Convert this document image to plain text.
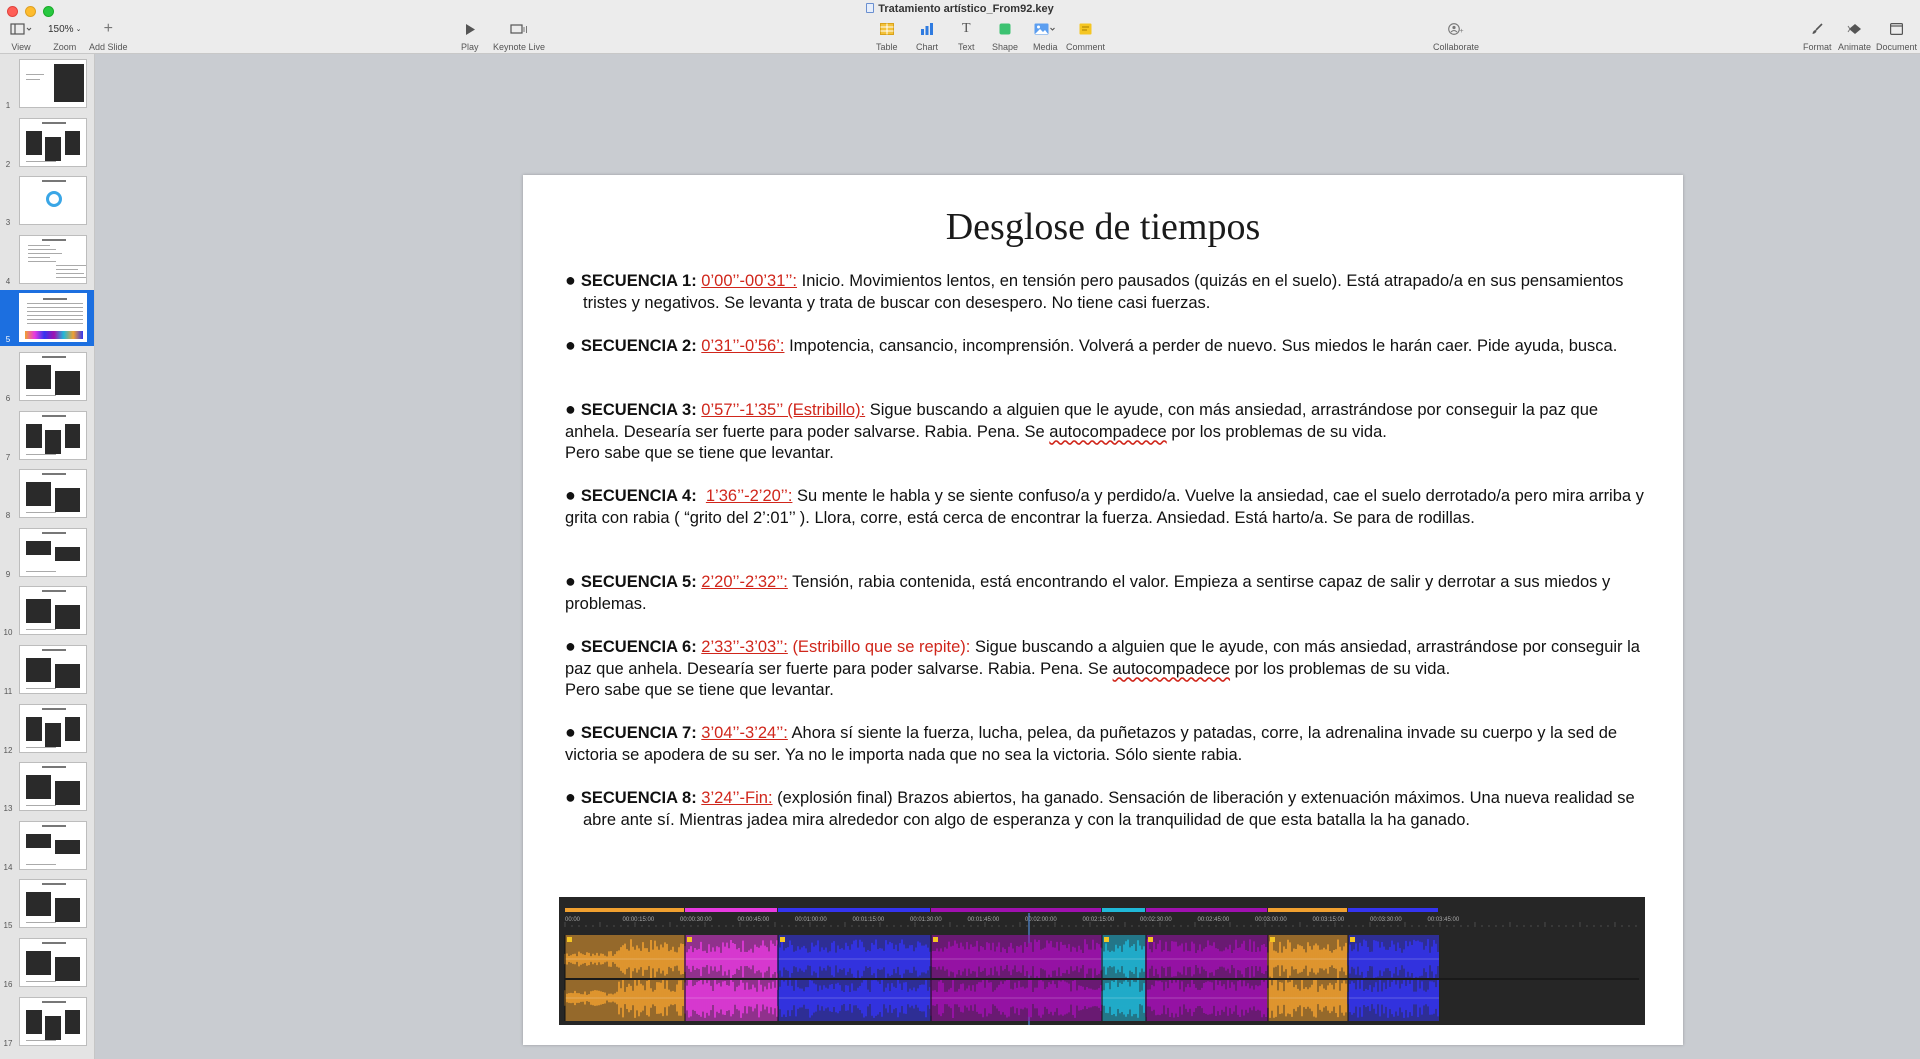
Tratamiento artístico_From92.key
View
150% ⌄
Zoom
+
Add Slide	Play Keynote Live	Table Chart
T
Text Shape Media Comment
+
Collaborate	Format Animate Document
1
2
3
4
5
6
7
8
9
10
11
12
13
14
15
16
17
Desglose de tiempos
● SECUENCIA 1: 0’00’’-00’31’’: Inicio. Movimientos lentos, en tensión pero pausados (quizás en el suelo). Está atrapado/a en sus pensamientos tristes y negativos. Se levanta y trata de buscar con desespero. No tiene casi fuerzas.
● SECUENCIA 2: 0’31’’-0’56’: Impotencia, cansancio, incomprensión. Volverá a perder de nuevo. Sus miedos le harán caer. Pide ayuda, busca.
● SECUENCIA 3: 0’57’’-1’35’’ (Estribillo): Sigue buscando a alguien que le ayude, con más ansiedad, arrastrándose por conseguir la paz que anhela. Desearía ser fuerte para poder salvarse. Rabia. Pena. Se autocompadece por los problemas de su vida.
Pero sabe que se tiene que levantar.
● SECUENCIA 4: 1’36’’-2’20’’: Su mente le habla y se siente confuso/a y perdido/a. Vuelve la ansiedad, cae el suelo derrotado/a pero mira arriba y grita con rabia ( “grito del 2’:01’’ ). Llora, corre, está cerca de encontrar la fuerza. Ansiedad. Está harto/a. Se para de rodillas.
● SECUENCIA 5: 2’20’’-2’32’’: Tensión, rabia contenida, está encontrando el valor. Empieza a sentirse capaz de salir y derrotar a sus miedos y problemas.
● SECUENCIA 6: 2’33’’-3’03’’: (Estribillo que se repite): Sigue buscando a alguien que le ayude, con más ansiedad, arrastrándose por conseguir la paz que anhela. Desearía ser fuerte para poder salvarse. Rabia. Pena. Se autocompadece por los problemas de su vida.
Pero sabe que se tiene que levantar.
● SECUENCIA 7: 3’04’’-3’24’’: Ahora sí siente la fuerza, lucha, pelea, da puñetazos y patadas, corre, la adrenalina invade su cuerpo y la sed de victoria se apodera de su ser. Ya no le importa nada que no sea la victoria. Sólo siente rabia.
● SECUENCIA 8: 3’24’’-Fin: (explosión final) Brazos abiertos, ha ganado. Sensación de liberación y extenuación máximos. Una nueva realidad se abre ante sí. Mientras jadea mira alrededor con algo de esperanza y con la tranquilidad de que esta batalla la ha ganado.
00:00	00:00:15:00	00:00:30:00	00:00:45:00	00:01:00:00	00:01:15:00	00:01:30:00	00:01:45:00	00:02:00:00	00:02:15:00	00:02:30:00	00:02:45:00	00:03:00:00	00:03:15:00	00:03:30:00	00:03:45:00
